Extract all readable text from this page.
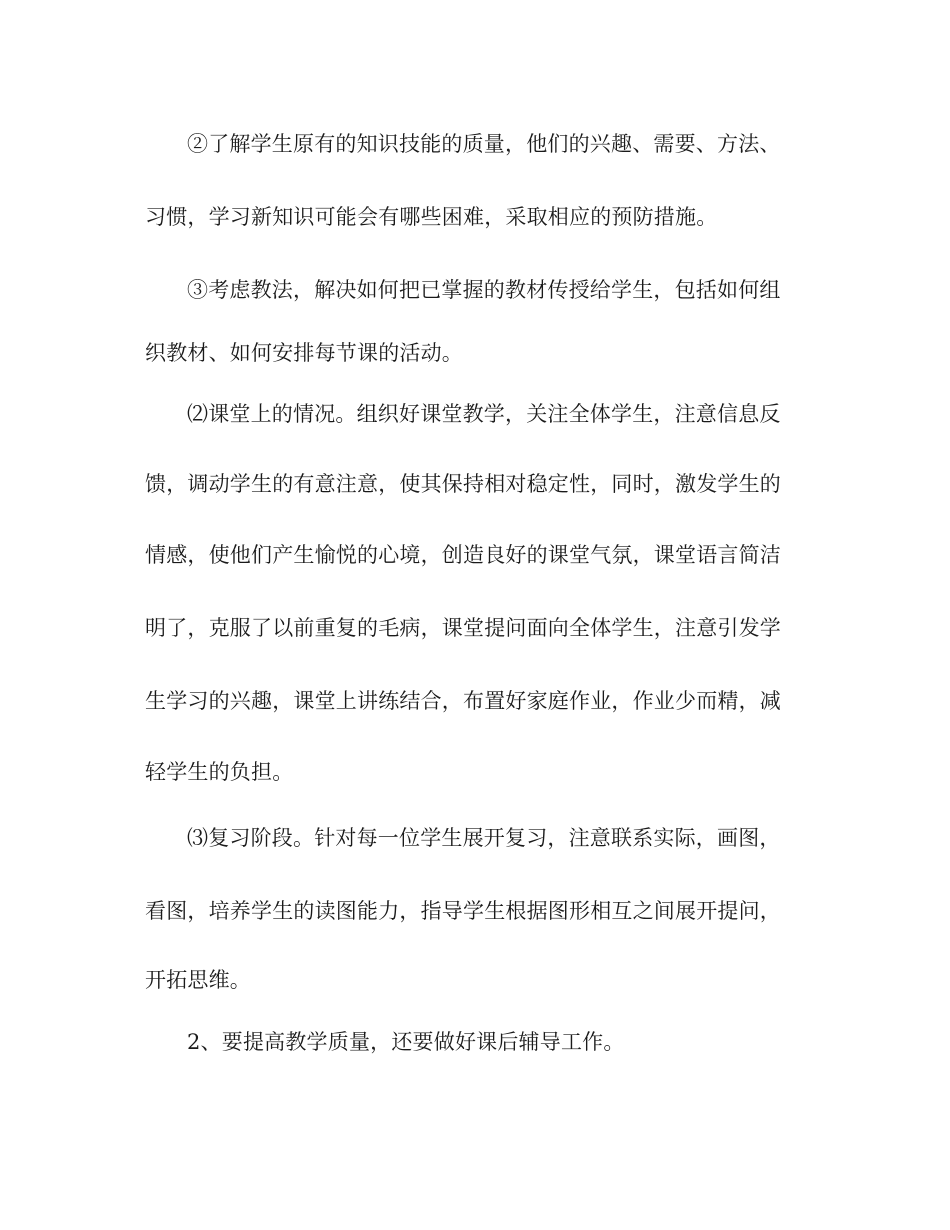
②了解学生原有的知识技能的质量，他们的兴趣、需要、方法、
习惯，学习新知识可能会有哪些困难，采取相应的预防措施。
③考虑教法，解决如何把已掌握的教材传授给学生，包括如何组
织教材、如何安排每节课的活动。
⑵课堂上的情况。组织好课堂教学，关注全体学生，注意信息反
馈，调动学生的有意注意，使其保持相对稳定性，同时，激发学生的
情感，使他们产生愉悦的心境，创造良好的课堂气氛，课堂语言简洁
明了，克服了以前重复的毛病，课堂提问面向全体学生，注意引发学
生学习的兴趣，课堂上讲练结合，布置好家庭作业，作业少而精，减
轻学生的负担。
⑶复习阶段。针对每一位学生展开复习，注意联系实际，画图，
看图，培养学生的读图能力，指导学生根据图形相互之间展开提问，
开拓思维。
2、要提高教学质量，还要做好课后辅导工作。
